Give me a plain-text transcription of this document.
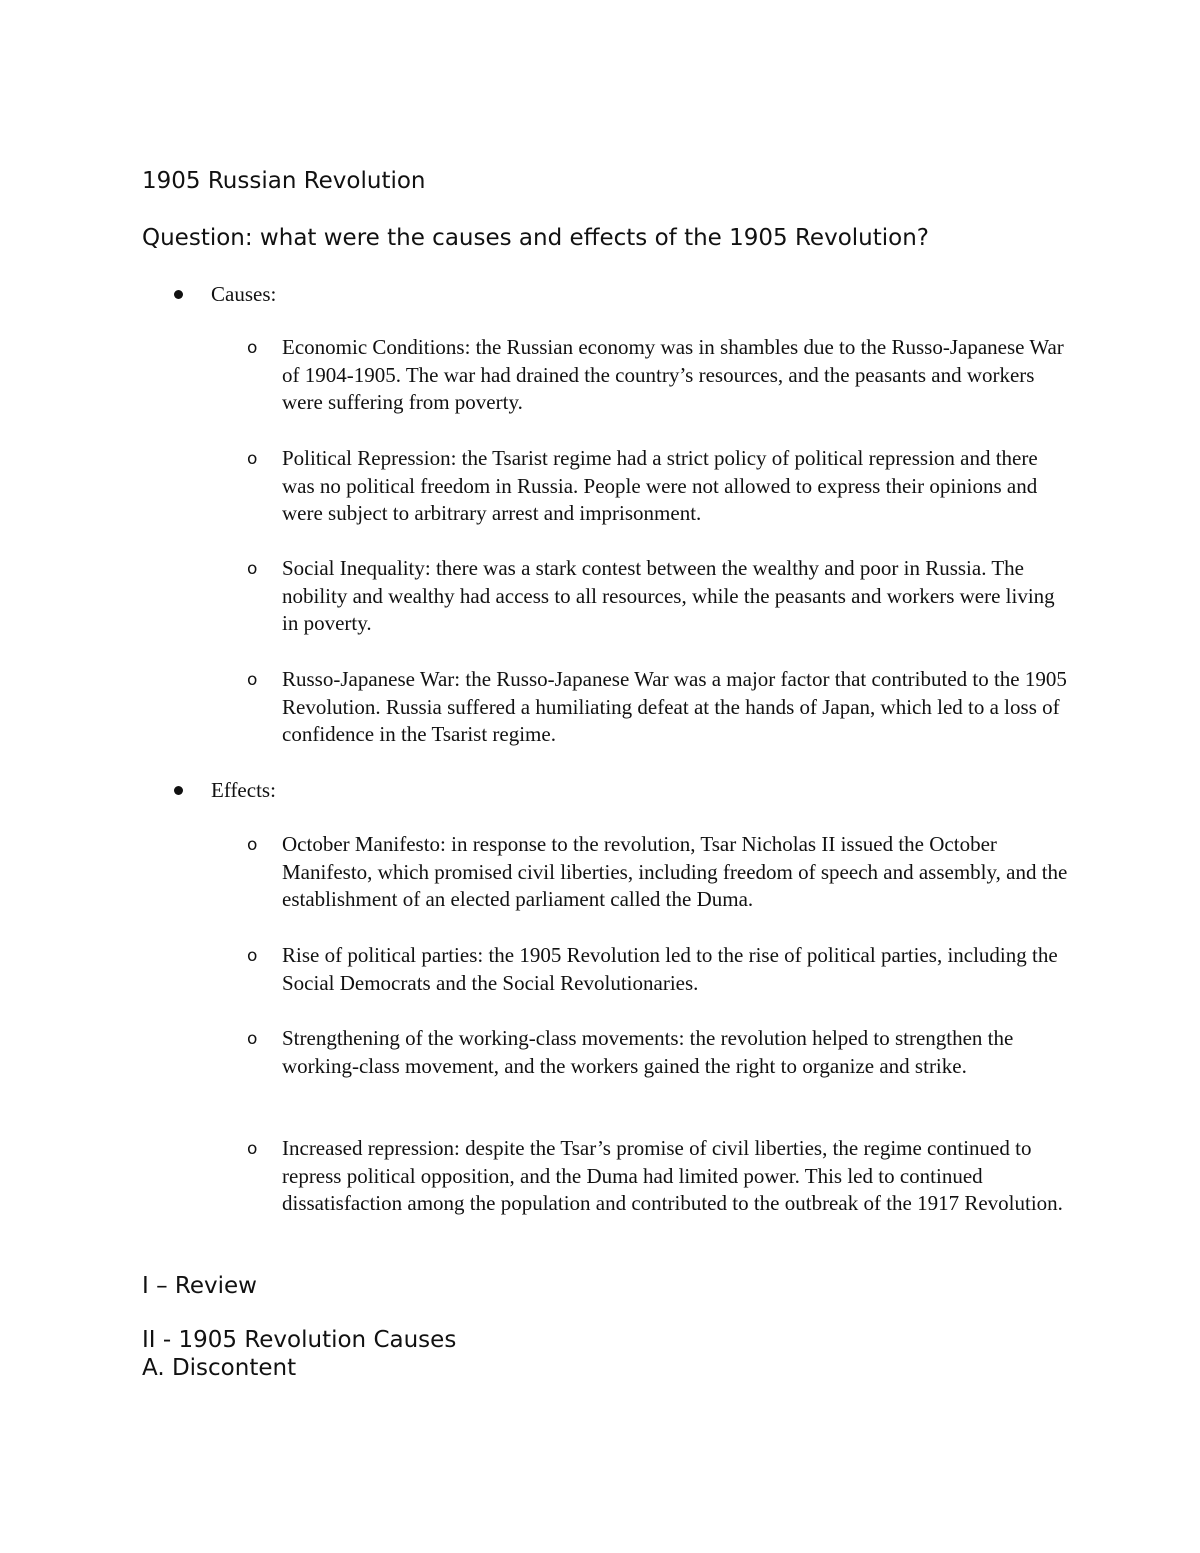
1905 Russian Revolution

Question: what were the causes and effects of the 1905 Revolution?

Causes:
o Economic Conditions: the Russian economy was in shambles due to the Russo-Japanese War of 1904-1905. The war had drained the country’s resources, and the peasants and workers were suffering from poverty.

o Political Repression: the Tsarist regime had a strict policy of political repression and there was no political freedom in Russia. People were not allowed to express their opinions and were subject to arbitrary arrest and imprisonment.

o Social Inequality: there was a stark contest between the wealthy and poor in Russia. The nobility and wealthy had access to all resources, while the peasants and workers were living in poverty.

o Russo-Japanese War: the Russo-Japanese War was a major factor that contributed to the 1905 Revolution. Russia suffered a humiliating defeat at the hands of Japan, which led to a loss of confidence in the Tsarist regime.

Effects:
o October Manifesto: in response to the revolution, Tsar Nicholas II issued the October Manifesto, which promised civil liberties, including freedom of speech and assembly, and the establishment of an elected parliament called the Duma.

o Rise of political parties: the 1905 Revolution led to the rise of political parties, including the Social Democrats and the Social Revolutionaries.

o Strengthening of the working-class movements: the revolution helped to strengthen the working-class movement, and the workers gained the right to organize and strike.

o Increased repression: despite the Tsar’s promise of civil liberties, the regime continued to repress political opposition, and the Duma had limited power. This led to continued dissatisfaction among the population and contributed to the outbreak of the 1917 Revolution.

I – Review

II - 1905 Revolution Causes

A. Discontent
